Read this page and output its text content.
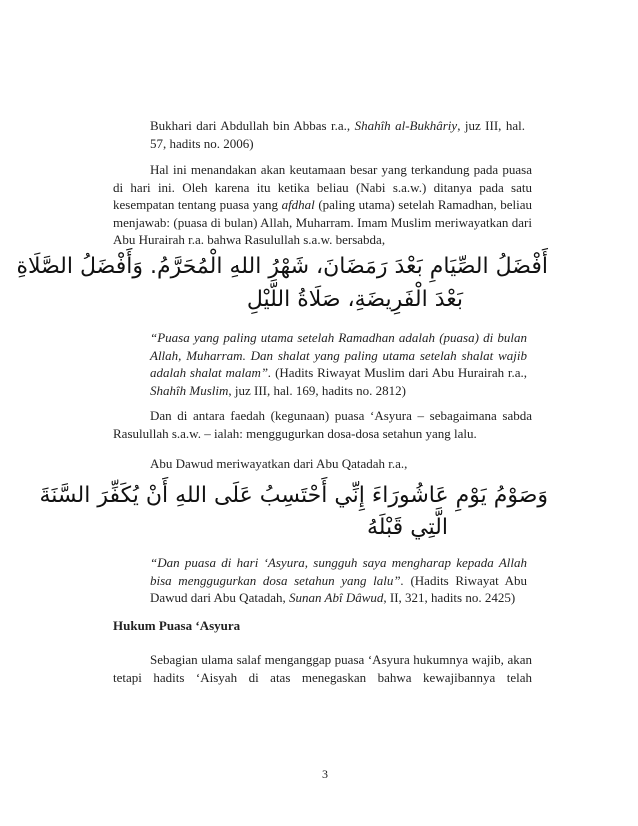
Bukhari dari Abdullah bin Abbas r.a., Shahîh al-Bukhâriy, juz III, hal. 57, hadits no. 2006)
Hal ini menandakan akan keutamaan besar yang terkandung pada puasa di hari ini. Oleh karena itu ketika beliau (Nabi s.a.w.) ditanya pada satu kesempatan tentang puasa yang afdhal (paling utama) setelah Ramadhan, beliau menjawab: (puasa di bulan) Allah, Muharram. Imam Muslim meriwayatkan dari Abu Hurairah r.a. bahwa Rasulullah s.a.w. bersabda,
أَفْضَلُ الصِّيَامِ بَعْدَ رَمَضَانَ، شَهْرُ اللهِ الْمُحَرَّمُ. وَأَفْضَلُ الصَّلَاةِ
بَعْدَ الْفَرِيضَةِ، صَلَاةُ اللَّيْلِ
“Puasa yang paling utama setelah Ramadhan adalah (puasa) di bulan Allah, Muharram. Dan shalat yang paling utama setelah shalat wajib adalah shalat malam”. (Hadits Riwayat Muslim dari Abu Hurairah r.a., Shahîh Muslim, juz III, hal. 169, hadits no. 2812)
Dan di antara faedah (kegunaan) puasa ‘Asyura – sebagaimana sabda Rasulullah s.a.w. – ialah: menggugurkan dosa-dosa setahun yang lalu.
Abu Dawud meriwayatkan dari Abu Qatadah r.a.,
وَصَوْمُ يَوْمِ عَاشُورَاءَ إِنِّي أَحْتَسِبُ عَلَى اللهِ أَنْ يُكَفِّرَ السَّنَةَ
الَّتِي قَبْلَهُ
“Dan puasa di hari ‘Asyura, sungguh saya mengharap kepada Allah bisa menggugurkan dosa setahun yang lalu”. (Hadits Riwayat Abu Dawud dari Abu Qatadah, Sunan Abî Dâwud, II, 321, hadits no. 2425)
Hukum Puasa ‘Asyura
Sebagian ulama salaf menganggap puasa ‘Asyura hukumnya wajib, akan tetapi hadits ‘Aisyah di atas menegaskan bahwa kewajibannya telah
3
